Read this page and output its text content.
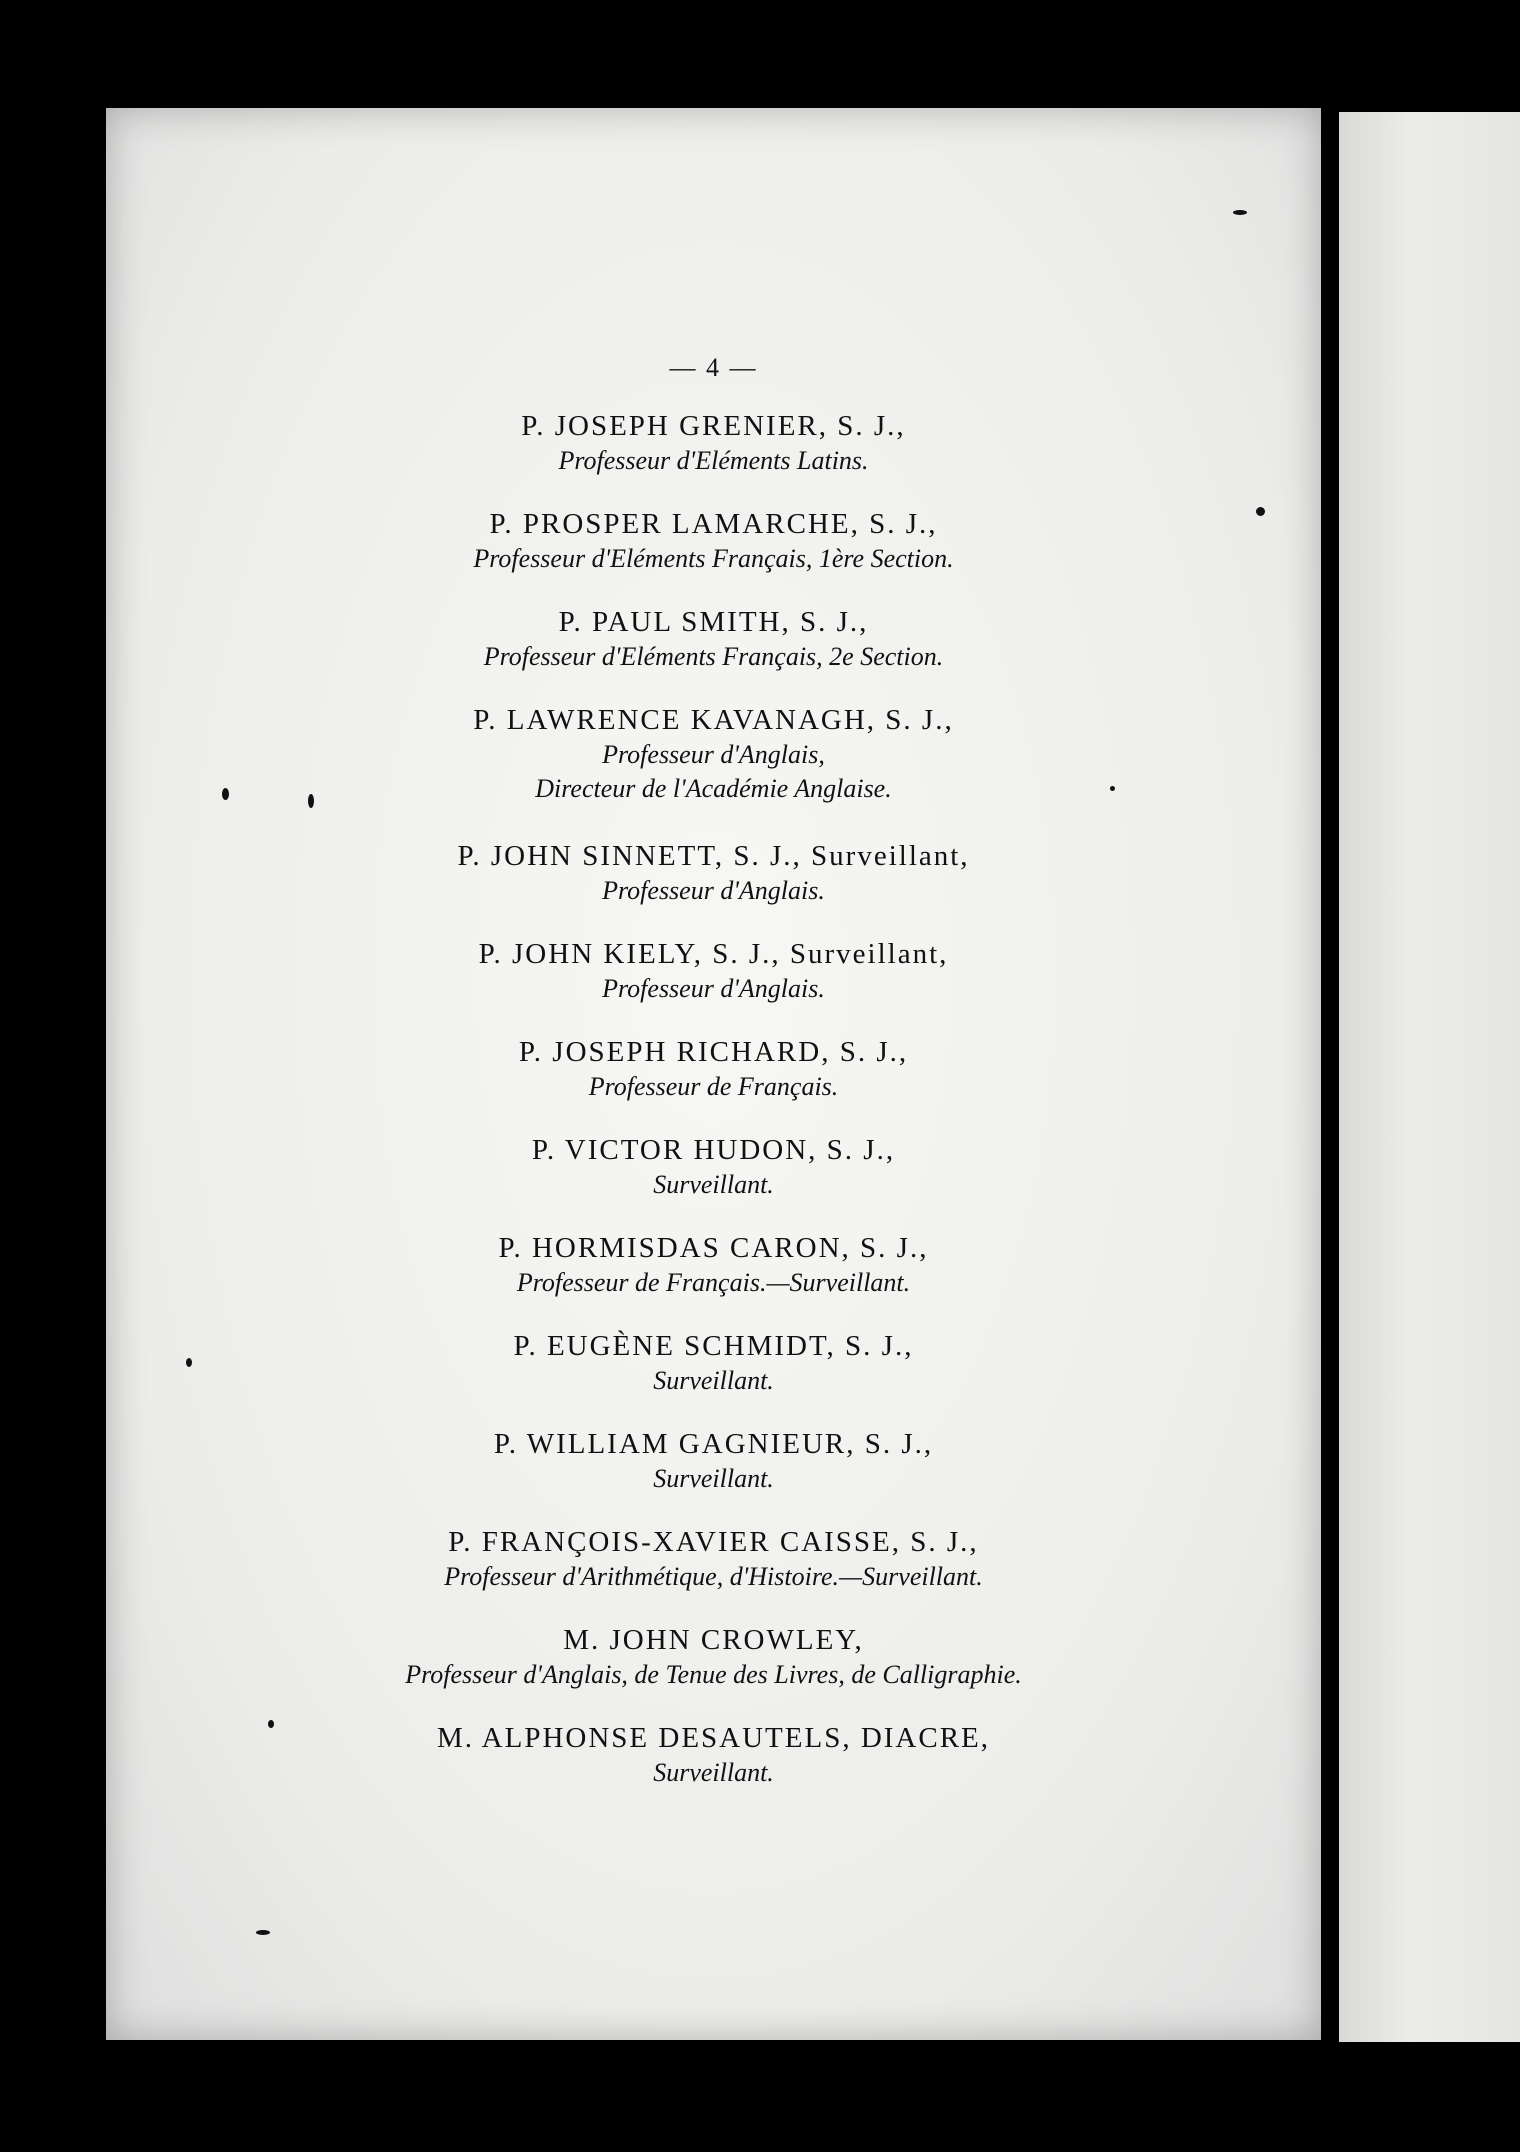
— 4 —
P. JOSEPH GRENIER, S. J.,
Professeur d'Eléments Latins.
P. PROSPER LAMARCHE, S. J.,
Professeur d'Eléments Français, 1ère Section.
P. PAUL SMITH, S. J.,
Professeur d'Eléments Français, 2e Section.
P. LAWRENCE KAVANAGH, S. J.,
Professeur d'Anglais,
Directeur de l'Académie Anglaise.
P. JOHN SINNETT, S. J., Surveillant,
Professeur d'Anglais.
P. JOHN KIELY, S. J., Surveillant,
Professeur d'Anglais.
P. JOSEPH RICHARD, S. J.,
Professeur de Français.
P. VICTOR HUDON, S. J.,
Surveillant.
P. HORMISDAS CARON, S. J.,
Professeur de Français.—Surveillant.
P. EUGÈNE SCHMIDT, S. J.,
Surveillant.
P. WILLIAM GAGNIEUR, S. J.,
Surveillant.
P. FRANÇOIS-XAVIER CAISSE, S. J.,
Professeur d'Arithmétique, d'Histoire.—Surveillant.
M. JOHN CROWLEY,
Professeur d'Anglais, de Tenue des Livres, de Calligraphie.
M. ALPHONSE DESAUTELS, DIACRE,
Surveillant.
